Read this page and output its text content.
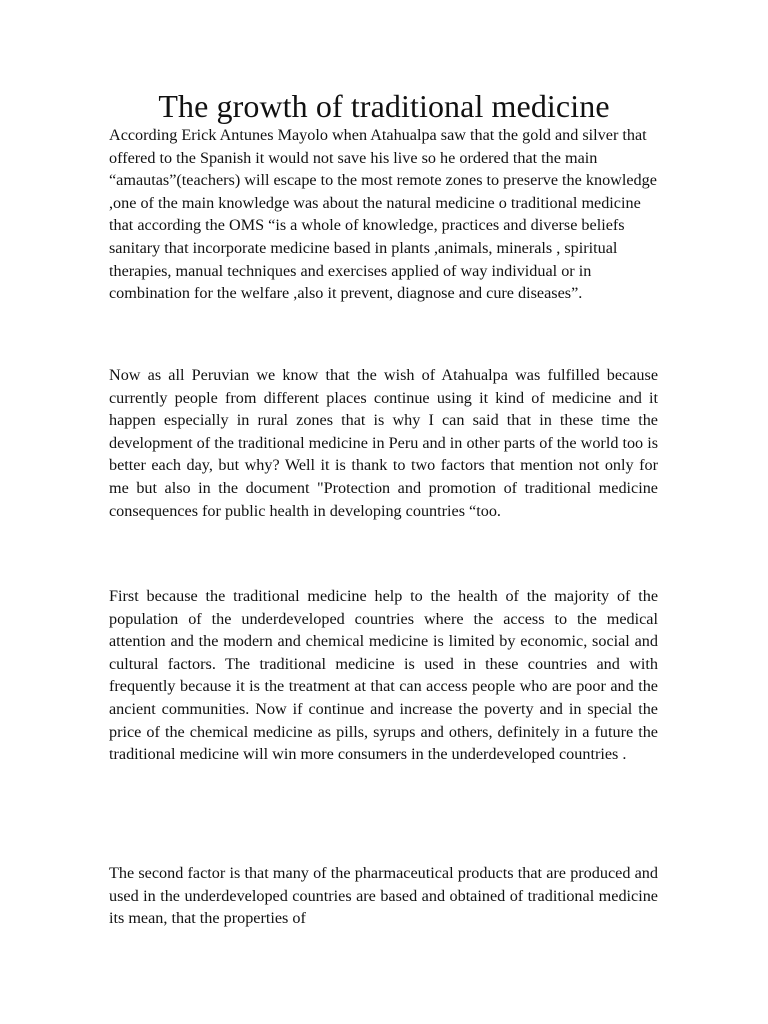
The growth of traditional medicine

According Erick Antunes Mayolo when Atahualpa saw that the gold and silver that offered to the Spanish it would not save his live so he ordered that the main “amautas”(teachers) will escape to the most remote zones to preserve the knowledge ,one of the main knowledge was about the natural medicine o traditional medicine that according the OMS “is a whole of knowledge, practices and diverse beliefs sanitary that incorporate medicine based in plants ,animals, minerals , spiritual therapies, manual techniques and exercises applied of way individual or in combination for the welfare ,also it prevent, diagnose and cure diseases”.

Now as all Peruvian we know that the wish of Atahualpa was fulfilled because currently people from different places continue using it kind of medicine and it happen especially in rural zones that is why I can said that in these time the development of the traditional medicine in Peru and in other parts of the world too is better each day, but why? Well it is thank to two factors that mention not only for me but also in the document "Protection and promotion of traditional medicine consequences for public health in developing countries “too.

First because the traditional medicine help to the health of the majority of the population of the underdeveloped countries where the access to the medical attention and the modern and chemical medicine is limited by economic, social and cultural factors. The traditional medicine is used in these countries and with frequently because it is the treatment at that can access people who are poor and the ancient communities. Now if continue and increase the poverty and in special the price of the chemical medicine as pills, syrups and others, definitely in a future the traditional medicine will win more consumers in the underdeveloped countries .

The second factor is that many of the pharmaceutical products that are produced and used in the underdeveloped countries are based and obtained of traditional medicine its mean, that the properties of
